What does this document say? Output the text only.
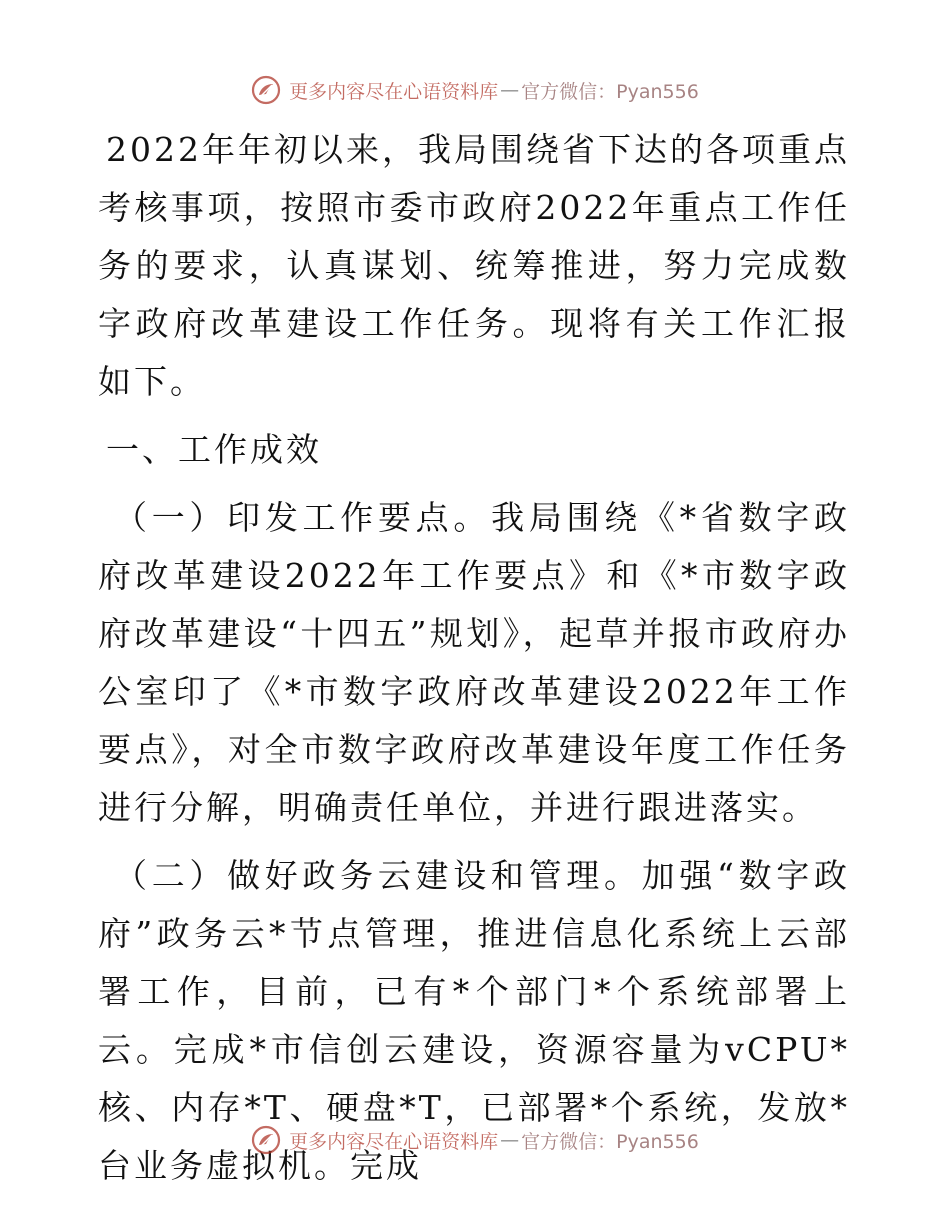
更多内容尽在心语资料库 — 官方微信：Pyan556

2022年年初以来，我局围绕省下达的各项重点考核事项，按照市委市政府2022年重点工作任务的要求，认真谋划、统筹推进，努力完成数字政府改革建设工作任务。现将有关工作汇报如下。

一、工作成效

（一）印发工作要点。我局围绕《*省数字政府改革建设2022年工作要点》和《*市数字政府改革建设“十四五”规划》，起草并报市政府办公室印了《*市数字政府改革建设2022年工作要点》，对全市数字政府改革建设年度工作任务进行分解，明确责任单位，并进行跟进落实。

（二）做好政务云建设和管理。加强“数字政府”政务云*节点管理，推进信息化系统上云部署工作，目前，已有*个部门*个系统部署上云。完成*市信创云建设，资源容量为vCPU*核、内存*T、硬盘*T，已部署*个系统，发放*台业务虚拟机。完成

更多内容尽在心语资料库 — 官方微信：Pyan556
